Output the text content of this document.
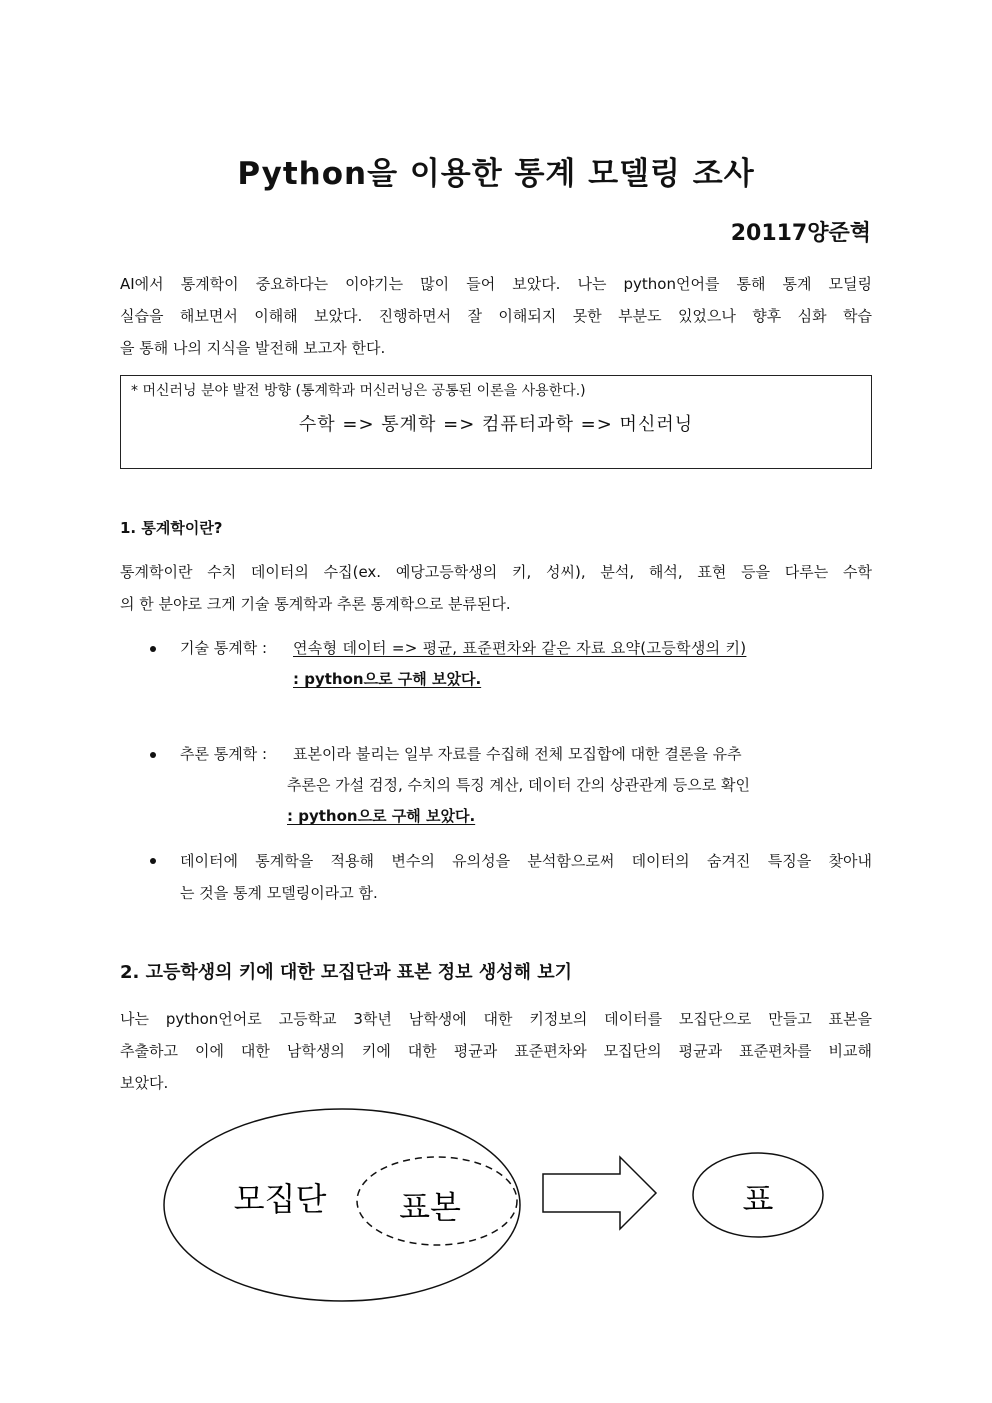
Python을 이용한 통계 모델링 조사
20117양준혁
AI에서 통계학이 중요하다는 이야기는 많이 들어 보았다. 나는 python언어를 통해 통계 모딜링
실습을 해보면서 이해해 보았다. 진행하면서 잘 이해되지 못한 부분도 있었으나 향후 심화 학습
을 통해 나의 지식을 발전해 보고자 한다.
* 머신러닝 분야 발전 방향 (통계학과 머신러닝은 공통된 이론을 사용한다.)
수학 => 통계학 => 컴퓨터과학 => 머신러닝
1. 통계학이란?
통계학이란 수치 데이터의 수집(ex. 예당고등학생의 키, 성씨), 분석, 해석, 표현 등을 다루는 수학
의 한 분야로 크게 기술 통계학과 추론 통계학으로 분류된다.
기술 통계학 : 연속형 데이터 => 평균, 표준편차와 같은 자료 요약(고등학생의 키)
: python으로 구해 보았다.
추론 통계학 : 표본이라 불리는 일부 자료를 수집해 전체 모집합에 대한 결론을 유추
추론은 가설 검정, 수치의 특징 계산, 데이터 간의 상관관계 등으로 확인
: python으로 구해 보았다.
데이터에 통계학을 적용해 변수의 유의성을 분석함으로써 데이터의 숨겨진 특징을 찾아내
는 것을 통계 모델링이라고 함.
2. 고등학생의 키에 대한 모집단과 표본 정보 생성해 보기
나는 python언어로 고등학교 3학년 남학생에 대한 키정보의 데이터를 모집단으로 만들고 표본을
추출하고 이에 대한 남학생의 키에 대한 평균과 표준편차와 모집단의 평균과 표준편차를 비교해
보았다.
모집단 표본	표
